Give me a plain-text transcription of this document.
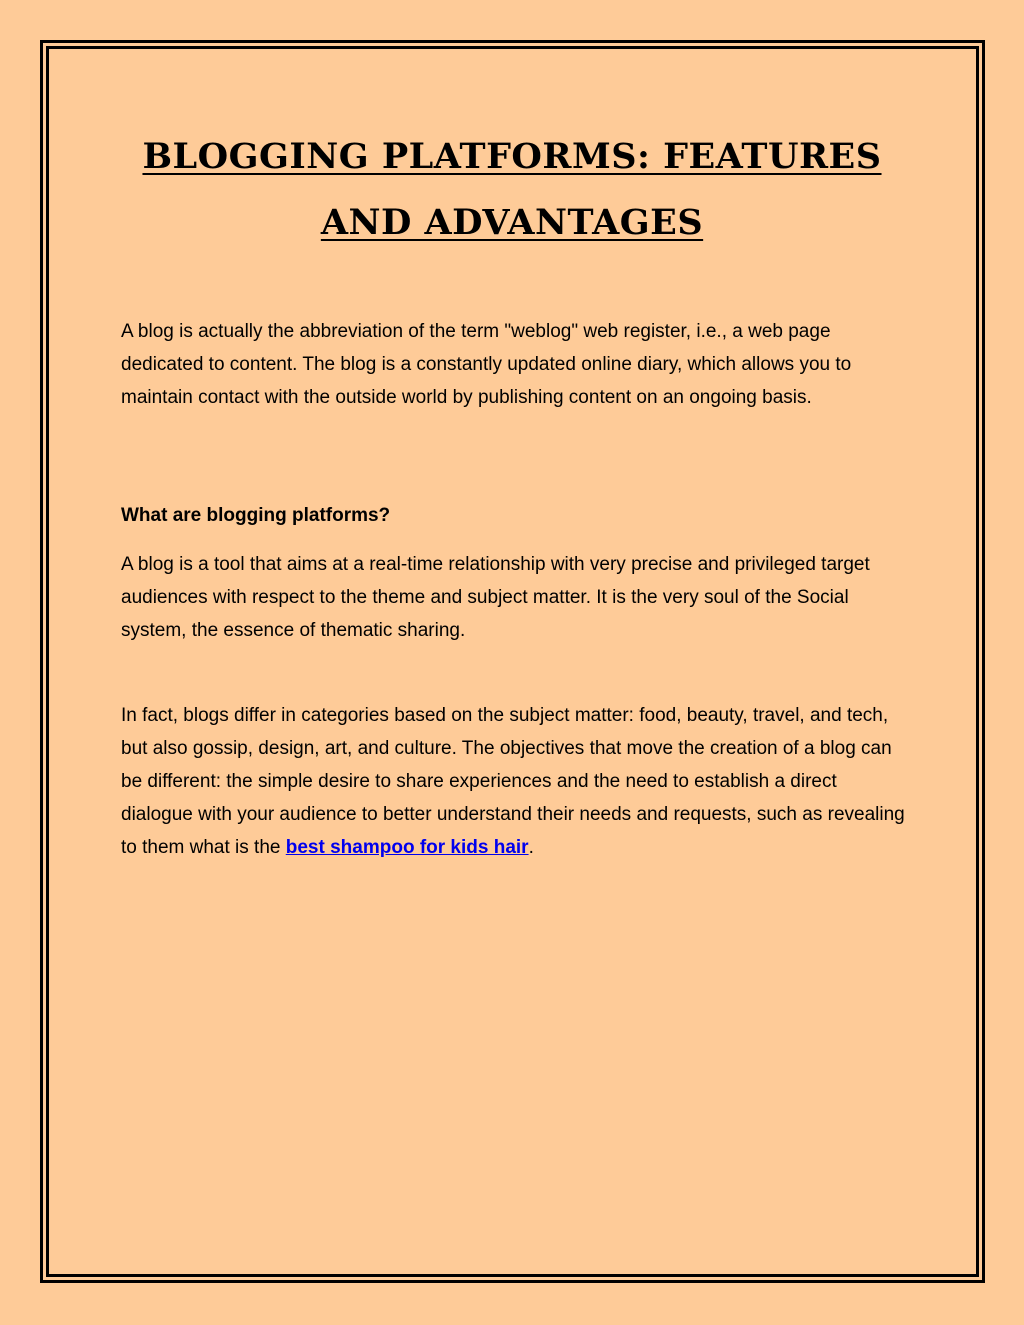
BLOGGING PLATFORMS: FEATURES
AND ADVANTAGES

A blog is actually the abbreviation of the term "weblog" web register, i.e., a web page dedicated to content. The blog is a constantly updated online diary, which allows you to maintain contact with the outside world by publishing content on an ongoing basis.

What are blogging platforms?

A blog is a tool that aims at a real-time relationship with very precise and privileged target audiences with respect to the theme and subject matter. It is the very soul of the Social system, the essence of thematic sharing.

In fact, blogs differ in categories based on the subject matter: food, beauty, travel, and tech, but also gossip, design, art, and culture. The objectives that move the creation of a blog can be different: the simple desire to share experiences and the need to establish a direct dialogue with your audience to better understand their needs and requests, such as revealing to them what is the best shampoo for kids hair.
